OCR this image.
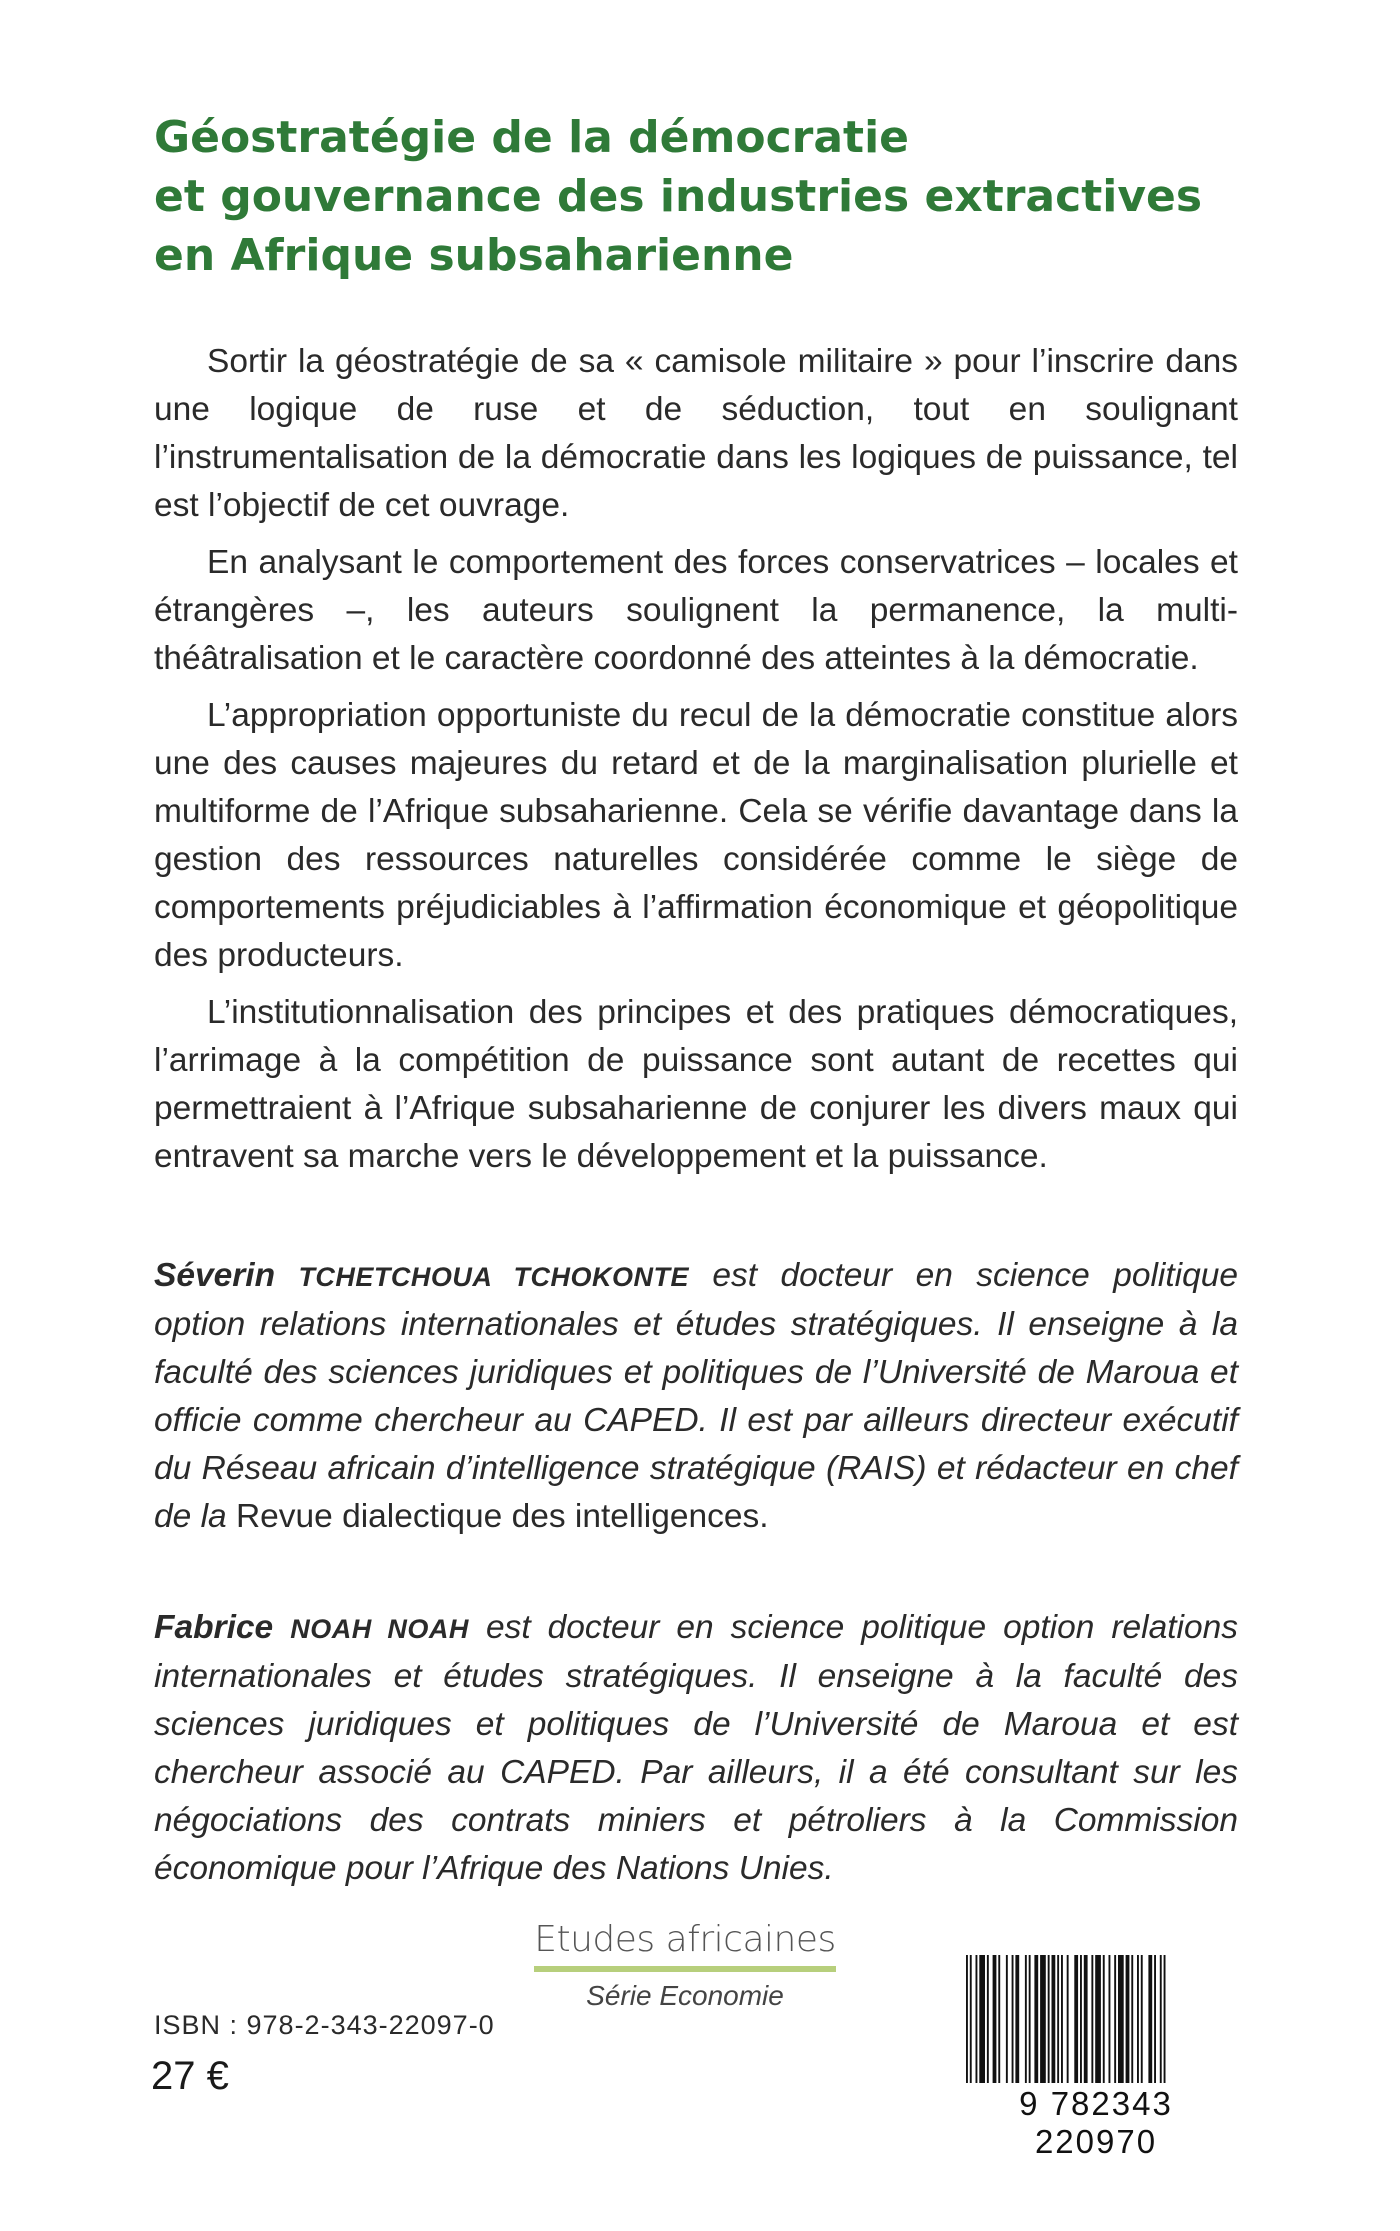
Géostratégie de la démocratie
et gouvernance des industries extractives
en Afrique subsaharienne

Sortir la géostratégie de sa « camisole militaire » pour l’inscrire dans une logique de ruse et de séduction, tout en soulignant l’instrumentalisation de la démocratie dans les logiques de puissance, tel est l’objectif de cet ouvrage.

En analysant le comportement des forces conservatrices – locales et étrangères –, les auteurs soulignent la permanence, la multi-théâtralisation et le caractère coordonné des atteintes à la démocratie.

L’appropriation opportuniste du recul de la démocratie constitue alors une des causes majeures du retard et de la marginalisation plurielle et multiforme de l’Afrique subsaharienne. Cela se vérifie davantage dans la gestion des ressources naturelles considérée comme le siège de comportements préjudiciables à l’affirmation économique et géopolitique des producteurs.

L’institutionnalisation des principes et des pratiques démocratiques, l’arrimage à la compétition de puissance sont autant de recettes qui permettraient à l’Afrique subsaharienne de conjurer les divers maux qui entravent sa marche vers le développement et la puissance.

Séverin TCHETCHOUA TCHOKONTE est docteur en science politique option relations internationales et études stratégiques. Il enseigne à la faculté des sciences juridiques et politiques de l’Université de Maroua et officie comme chercheur au CAPED. Il est par ailleurs directeur exécutif du Réseau africain d’intelligence stratégique (RAIS) et rédacteur en chef de la Revue dialectique des intelligences.

Fabrice NOAH NOAH est docteur en science politique option relations internationales et études stratégiques. Il enseigne à la faculté des sciences juridiques et politiques de l’Université de Maroua et est chercheur associé au CAPED. Par ailleurs, il a été consultant sur les négociations des contrats miniers et pétroliers à la Commission économique pour l’Afrique des Nations Unies.

Etudes africaines
Série Economie
ISBN : 978-2-343-22097-0
27 €
9 782343 220970
